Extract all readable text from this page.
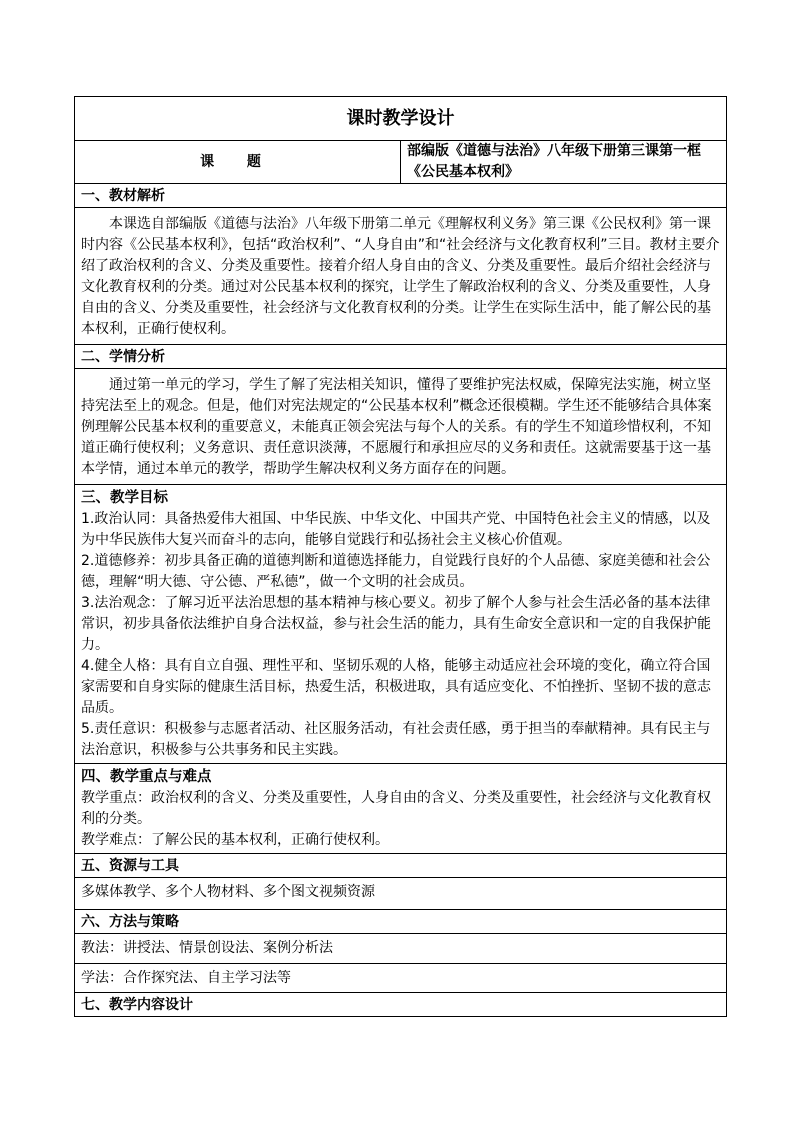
课时教学设计
课 题	部编版《道德与法治》八年级下册第三课第一框《公民基本权利》
一、教材解析

本课选自部编版《道德与法治》八年级下册第二单元《理解权利义务》第三课《公民权利》第一课时内容《公民基本权利》，包括“政治权利”、“人身自由”和“社会经济与文化教育权利”三目。教材主要介绍了政治权利的含义、分类及重要性。接着介绍人身自由的含义、分类及重要性。最后介绍社会经济与文化教育权利的分类。通过对公民基本权利的探究，让学生了解政治权利的含义、分类及重要性，人身自由的含义、分类及重要性，社会经济与文化教育权利的分类。让学生在实际生活中，能了解公民的基本权利，正确行使权利。

二、学情分析

通过第一单元的学习，学生了解了宪法相关知识，懂得了要维护宪法权威，保障宪法实施，树立坚持宪法至上的观念。但是，他们对宪法规定的“公民基本权利”概念还很模糊。学生还不能够结合具体案例理解公民基本权利的重要意义，未能真正领会宪法与每个人的关系。有的学生不知道珍惜权利，不知道正确行使权利；义务意识、责任意识淡薄，不愿履行和承担应尽的义务和责任。这就需要基于这一基本学情，通过本单元的教学，帮助学生解决权利义务方面存在的问题。

三、教学目标

1.政治认同：具备热爱伟大祖国、中华民族、中华文化、中国共产党、中国特色社会主义的情感，以及为中华民族伟大复兴而奋斗的志向，能够自觉践行和弘扬社会主义核心价值观。

2.道德修养：初步具备正确的道德判断和道德选择能力，自觉践行良好的个人品德、家庭美德和社会公德，理解“明大德、守公德、严私德”，做一个文明的社会成员。

3.法治观念：了解习近平法治思想的基本精神与核心要义。初步了解个人参与社会生活必备的基本法律常识，初步具备依法维护自身合法权益，参与社会生活的能力，具有生命安全意识和一定的自我保护能力。

4.健全人格：具有自立自强、理性平和、坚韧乐观的人格，能够主动适应社会环境的变化，确立符合国家需要和自身实际的健康生活目标，热爱生活，积极进取，具有适应变化、不怕挫折、坚韧不拔的意志品质。

5.责任意识：积极参与志愿者活动、社区服务活动，有社会责任感，勇于担当的奉献精神。具有民主与法治意识，积极参与公共事务和民主实践。

四、教学重点与难点

教学重点：政治权利的含义、分类及重要性，人身自由的含义、分类及重要性，社会经济与文化教育权利的分类。

教学难点：了解公民的基本权利，正确行使权利。

五、资源与工具
多媒体教学、多个人物材料、多个图文视频资源
六、方法与策略
教法：讲授法、情景创设法、案例分析法
学法：合作探究法、自主学习法等
七、教学内容设计
